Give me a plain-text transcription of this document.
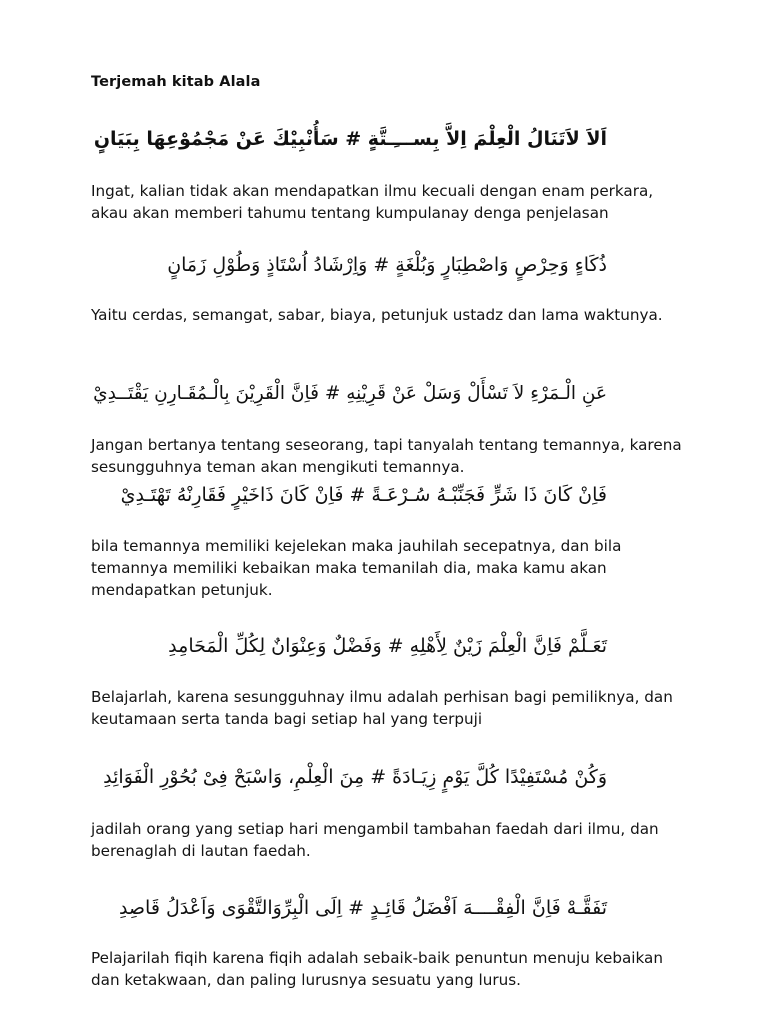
Terjemah kitab Alala
اَلاَ لاَتَنَالُ الْعِلْمَ اِلاَّ بِســـِـتَّةٍ # سَأُنْبِيْكَ عَنْ مَجْمُوْعِهَا بِبَيَانٍ
Ingat, kalian tidak akan mendapatkan ilmu kecuali dengan enam perkara, akau akan memberi tahumu tentang kumpulanay denga penjelasan
ذُكَاءٍ وَحِرْصٍ وَاصْطِبَارٍ وَبُلْغَةٍ # وَاِرْشَادُ اُسْتَاذٍ وَطُوْلِ زَمَانٍ
Yaitu cerdas, semangat, sabar, biaya, petunjuk ustadz dan lama waktunya.
عَنِ الْـمَرْءِ لاَ تَسْأَلْ وَسَلْ عَنْ قَرِيْنِهِ # فَاِنَّ الْقَرِيْنَ بِالْـمُقَـارِنِ يَقْتَــدِيْ
Jangan bertanya tentang seseorang, tapi tanyalah tentang temannya, karena sesungguhnya teman akan mengikuti temannya.
فَاِنْ كَانَ ذَا شَرٍّ فَجَنِّبْـهُ سُـرْعَـةً # فَاِنْ كَانَ ذَاخَيْرٍ فَقَارِنْهُ تَهْتَـدِيْ
bila temannya memiliki kejelekan maka jauhilah secepatnya, dan bila temannya memiliki kebaikan maka temanilah dia, maka kamu akan mendapatkan petunjuk.
تَعَـلَّمْ فَاِنَّ الْعِلْمَ زَيْنٌ لِأَهْلِهِ # وَفَضْلٌ وَعِنْوَانٌ لِكُلِّ الْمَحَامِدِ
Belajarlah, karena sesungguhnay ilmu adalah perhisan bagi pemiliknya, dan keutamaan serta tanda bagi setiap hal yang terpuji
وَكُنْ مُسْتَفِيْدًا كُلَّ يَوْمٍ زِيَـادَةً # مِنَ الْعِلْمِ، وَاسْبَحْ فِىْ بُحُوْرِ الْفَوَائِدِ
jadilah orang yang setiap hari mengambil tambahan faedah dari ilmu, dan berenaglah di lautan faedah.
تَفَقَّـهْ فَاِنَّ الْفِقْــــهَ اَفْضَلُ قَائِـدٍ # اِلَى الْبِرِّوَالتَّقْوَى وَاَعْدَلُ قَاصِدِ
Pelajarilah fiqih karena fiqih adalah sebaik-baik penuntun menuju kebaikan dan ketakwaan, dan paling lurusnya sesuatu yang lurus.
